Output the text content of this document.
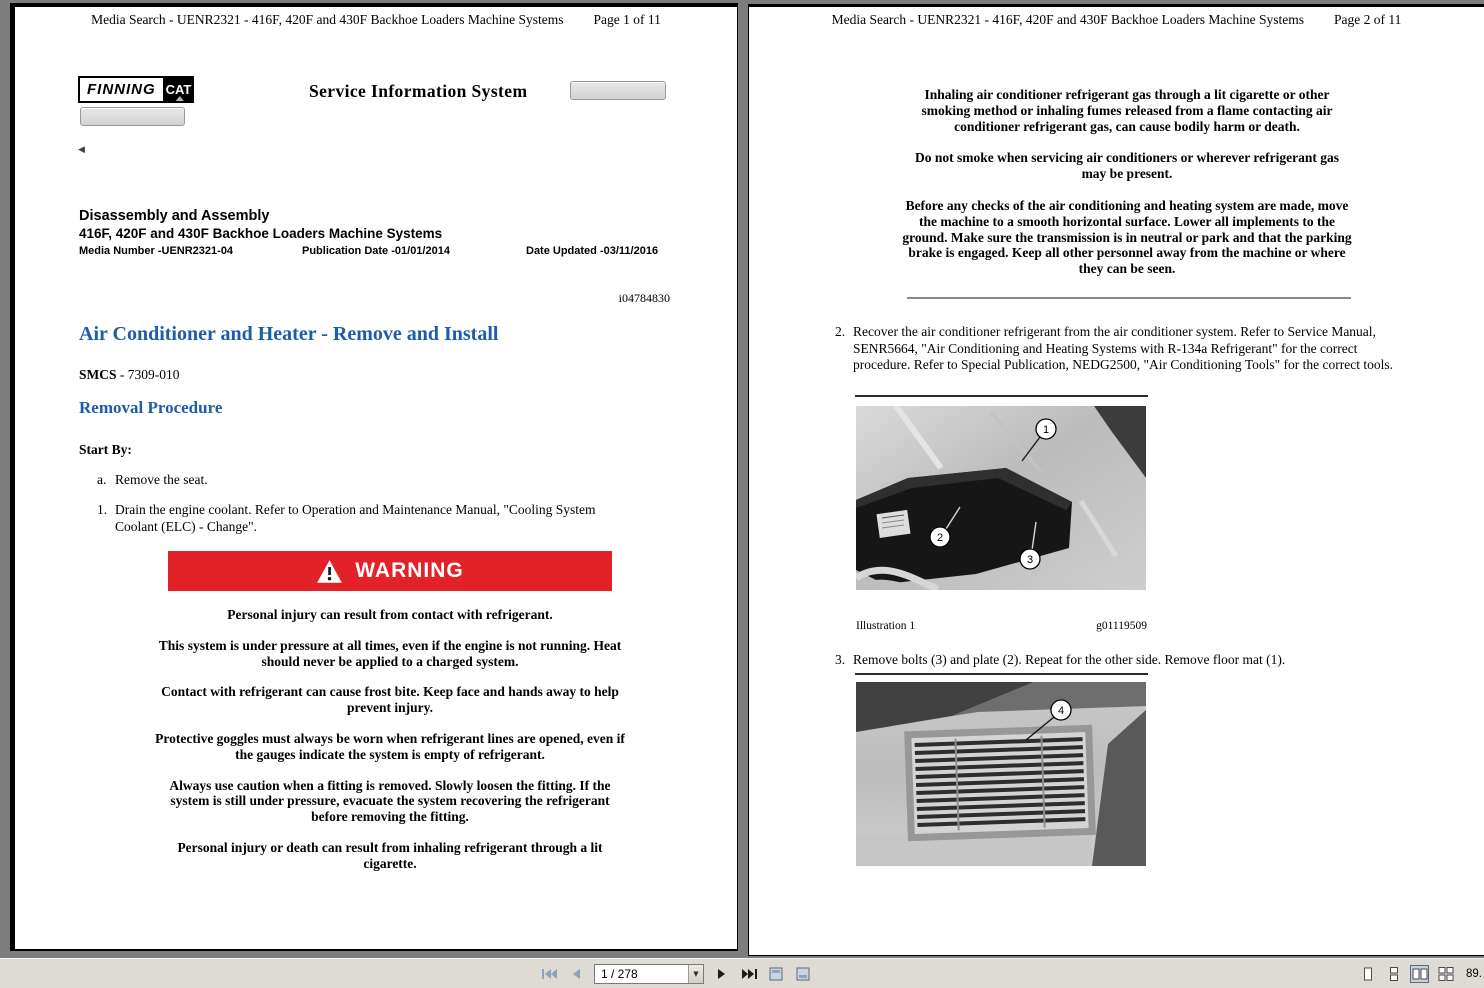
Media Search - UENR2321 - 416F, 420F and 430F Backhoe Loaders Machine Systems Page 1 of 11
FINNING CAT	Service Information System
◀
Disassembly and Assembly
416F, 420F and 430F Backhoe Loaders Machine Systems
Media Number -UENR2321-04	Publication Date -01/01/2014	Date Updated -03/11/2016
i04784830
Air Conditioner and Heater - Remove and Install
SMCS - 7309-010
Removal Procedure
Start By:
a. Remove the seat.
1. Drain the engine coolant. Refer to Operation and Maintenance Manual, "Cooling System Coolant (ELC) - Change".
WARNING

Personal injury can result from contact with refrigerant.

This system is under pressure at all times, even if the engine is not running. Heat should never be applied to a charged system.

Contact with refrigerant can cause frost bite. Keep face and hands away to help prevent injury.

Protective goggles must always be worn when refrigerant lines are opened, even if the gauges indicate the system is empty of refrigerant.

Always use caution when a fitting is removed. Slowly loosen the fitting. If the system is still under pressure, evacuate the system recovering the refrigerant before removing the fitting.

Personal injury or death can result from inhaling refrigerant through a lit cigarette.

Media Search - UENR2321 - 416F, 420F and 430F Backhoe Loaders Machine Systems Page 2 of 11

Inhaling air conditioner refrigerant gas through a lit cigarette or other smoking method or inhaling fumes released from a flame contacting air conditioner refrigerant gas, can cause bodily harm or death.

Do not smoke when servicing air conditioners or wherever refrigerant gas may be present.

Before any checks of the air conditioning and heating system are made, move the machine to a smooth horizontal surface. Lower all implements to the ground. Make sure the transmission is in neutral or park and that the parking brake is engaged. Keep all other personnel away from the machine or where they can be seen.

2. Recover the air conditioner refrigerant from the air conditioner system. Refer to Service Manual, SENR5664, "Air Conditioning and Heating Systems with R-134a Refrigerant" for the correct procedure. Refer to Special Publication, NEDG2500, "Air Conditioning Tools" for the correct tools.
1
2
3
Illustration 1	g01119509
3. Remove bolts (3) and plate (2). Repeat for the other side. Remove floor mat (1).
4
1 / 278
▼	89.
